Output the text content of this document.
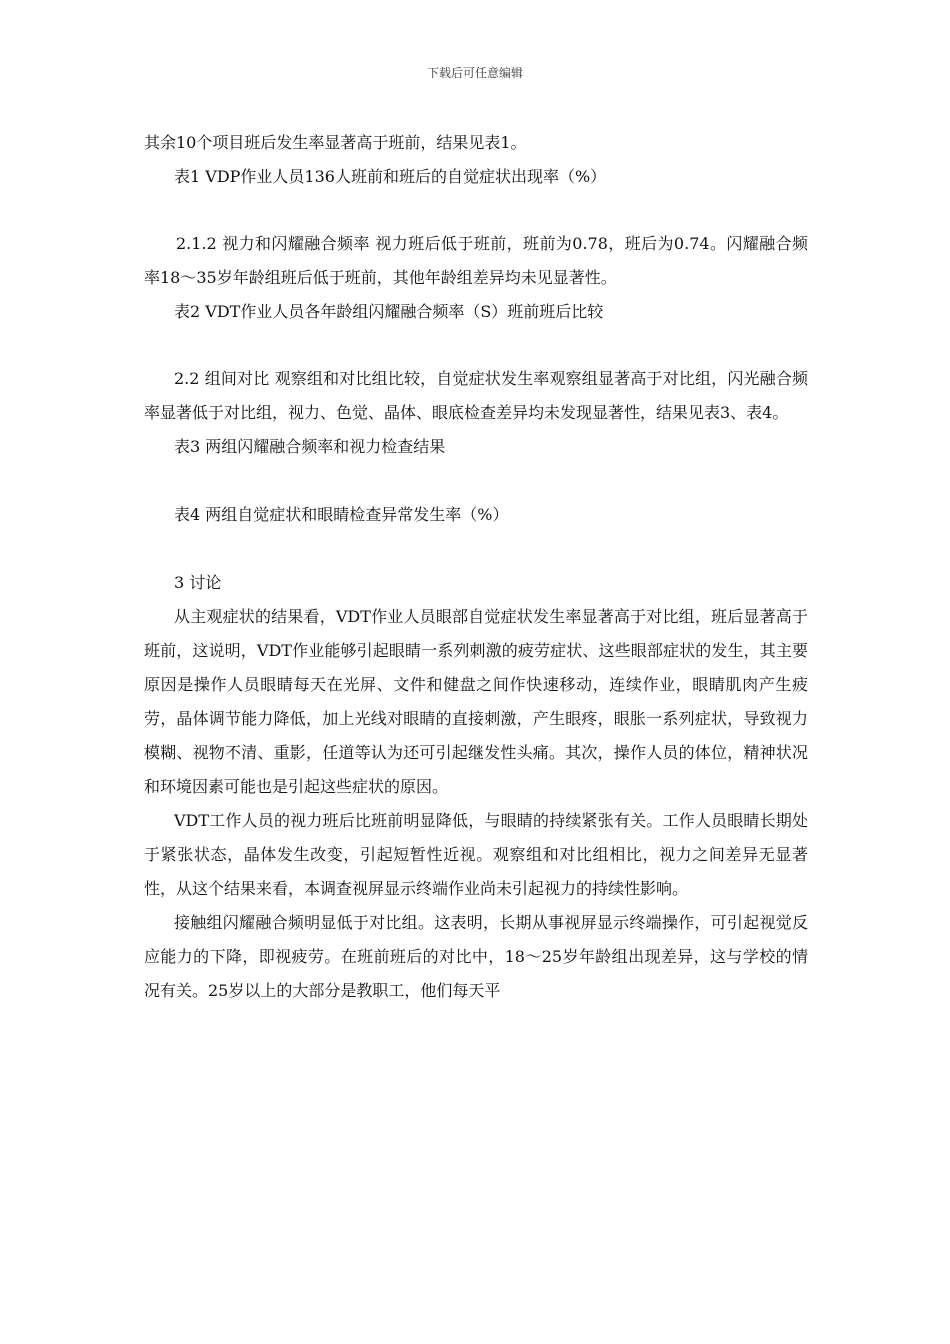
下载后可任意编辑

其余10个项目班后发生率显著高于班前，结果见表1。

表1 VDP作业人员136人班前和班后的自觉症状出现率（%）

2.1.2 视力和闪耀融合频率 视力班后低于班前，班前为0.78，班后为0.74。闪耀融合频率18～35岁年龄组班后低于班前，其他年龄组差异均未见显著性。

表2 VDT作业人员各年龄组闪耀融合频率（S）班前班后比较

2.2 组间对比 观察组和对比组比较，自觉症状发生率观察组显著高于对比组，闪光融合频率显著低于对比组，视力、色觉、晶体、眼底检查差异均未发现显著性，结果见表3、表4。

表3 两组闪耀融合频率和视力检查结果

表4 两组自觉症状和眼睛检查异常发生率（%）

3 讨论

从主观症状的结果看，VDT作业人员眼部自觉症状发生率显著高于对比组，班后显著高于班前，这说明，VDT作业能够引起眼睛一系列刺激的疲劳症状、这些眼部症状的发生，其主要原因是操作人员眼睛每天在光屏、文件和健盘之间作快速移动，连续作业，眼睛肌肉产生疲劳，晶体调节能力降低，加上光线对眼睛的直接刺激，产生眼疼，眼胀一系列症状，导致视力模糊、视物不清、重影，任道等认为还可引起继发性头痛。其次，操作人员的体位，精神状况和环境因素可能也是引起这些症状的原因。

VDT工作人员的视力班后比班前明显降低，与眼睛的持续紧张有关。工作人员眼睛长期处于紧张状态，晶体发生改变，引起短暂性近视。观察组和对比组相比，视力之间差异无显著性，从这个结果来看，本调查视屏显示终端作业尚未引起视力的持续性影响。

接触组闪耀融合频明显低于对比组。这表明，长期从事视屏显示终端操作，可引起视觉反应能力的下降，即视疲劳。在班前班后的对比中，18～25岁年龄组出现差异，这与学校的情况有关。25岁以上的大部分是教职工，他们每天平
